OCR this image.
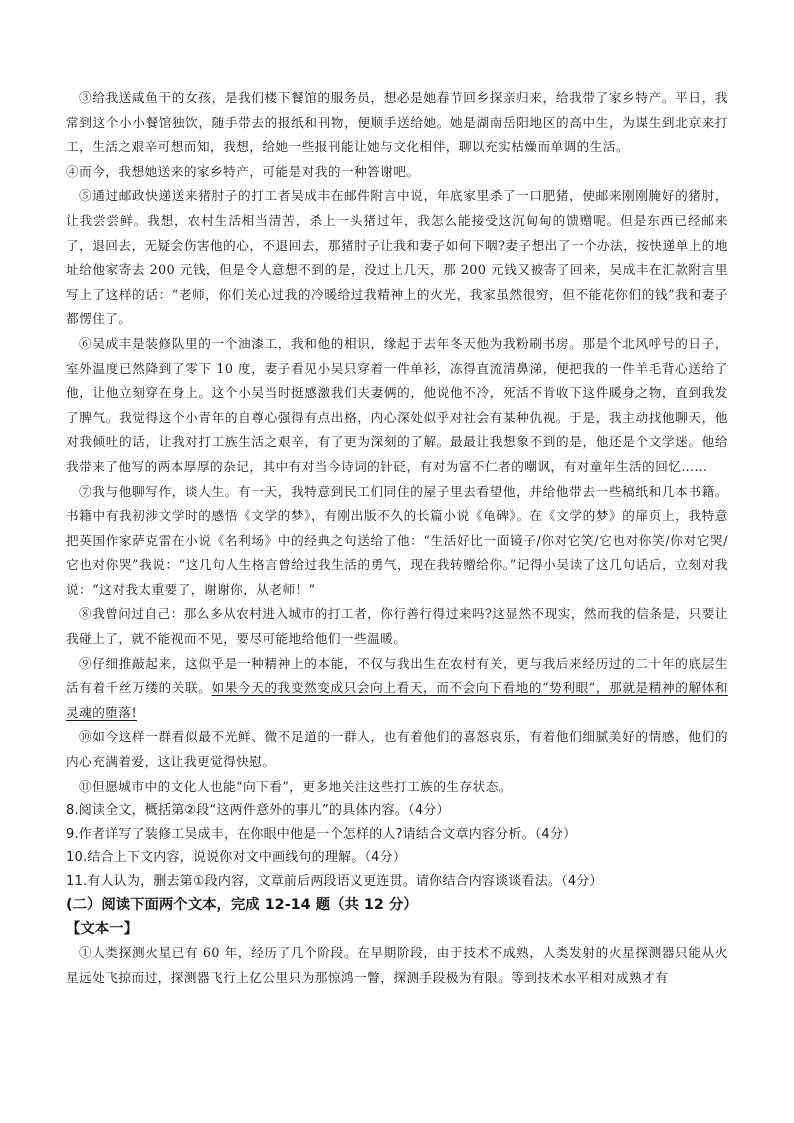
③给我送咸鱼干的女孩，是我们楼下餐馆的服务员，想必是她春节回乡探亲归来，给我带了家乡特产。平日，我常到这个小小餐馆独饮，随手带去的报纸和刊物，便顺手送给她。她是湖南岳阳地区的高中生，为谋生到北京来打工，生活之艰辛可想而知，我想，给她一些报刊能让她与文化相伴，聊以充实枯燥而单调的生活。

④而今，我想她送来的家乡特产，可能是对我的一种答谢吧。

⑤通过邮政快递送来猪肘子的打工者吴成丰在邮件附言中说，年底家里杀了一口肥猪，使邮来刚刚腌好的猪肘，让我尝尝鲜。我想，农村生活相当清苦，杀上一头猪过年，我怎么能接受这沉甸甸的馈赠呢。但是东西已经邮来了，退回去，无疑会伤害他的心，不退回去，那猪肘子让我和妻子如何下咽?妻子想出了一个办法，按快递单上的地址给他家寄去 200 元钱，但是令人意想不到的是，没过上几天，那 200 元钱又被寄了回来，吴成丰在汇款附言里写上了这样的话：“老师，你们关心过我的冷暖给过我精神上的火光，我家虽然很穷，但不能花你们的钱”我和妻子都愣住了。

⑥吴成丰是装修队里的一个油漆工，我和他的相识，缘起于去年冬天他为我粉刷书房。那是个北风呼号的日子，室外温度已然降到了零下 10 度，妻子看见小吴只穿着一件单衫，冻得直流清鼻涕，便把我的一件羊毛背心送给了他，让他立刻穿在身上。这个小吴当时挺感激我们夫妻俩的，他说他不冷，死活不肯收下这件暖身之物，直到我发了脾气。我觉得这个小青年的自尊心强得有点出格，内心深处似乎对社会有某种仇视。于是，我主动找他聊天，他对我倾吐的话，让我对打工族生活之艰辛，有了更为深刻的了解。最最让我想象不到的是，他还是个文学迷。他给我带来了他写的两本厚厚的杂记，其中有对当今诗词的针砭，有对为富不仁者的嘲讽，有对童年生活的回忆……

⑦我与他聊写作，谈人生。有一天，我特意到民工们同住的屋子里去看望他，并给他带去一些稿纸和几本书籍。书籍中有我初涉文学时的感悟《文学的梦》，有刚出版不久的长篇小说《龟碑》。在《文学的梦》的扉页上，我特意把英国作家萨克雷在小说《名利场》中的经典之句送给了他：“生活好比一面镜子/你对它笑/它也对你笑/你对它哭/它也对你哭”我说：“这几句人生格言曾给过我生活的勇气，现在我转赠给你。”记得小吴读了这几句话后，立刻对我说：“这对我太重要了，谢谢你，从老师！”

⑧我曾问过自己：那么多从农村进入城市的打工者，你行善行得过来吗?这显然不现实，然而我的信条是，只要让我碰上了，就不能视而不见，要尽可能地给他们一些温暖。

⑨仔细推敲起来，这似乎是一种精神上的本能，不仅与我出生在农村有关，更与我后来经历过的二十年的底层生活有着千丝万缕的关联。如果今天的我变然变成只会向上看天，而不会向下看地的“势利眼”，那就是精神的解体和灵魂的堕落!

⑩如今这样一群看似最不光鲜、微不足道的一群人，也有着他们的喜怒哀乐，有着他们细腻美好的情感，他们的内心充满着爱，这让我更觉得快慰。

⑪但愿城市中的文化人也能“向下看”，更多地关注这些打工族的生存状态。

8.阅读全文，概括第②段“这两件意外的事儿”的具体内容。（4分）

9.作者详写了装修工吴成丰，在你眼中他是一个怎样的人?请结合文章内容分析。（4分）

10.结合上下文内容，说说你对文中画线句的理解。（4分）

11.有人认为，删去第①段内容，文章前后两段语义更连贯。请你结合内容谈谈看法。（4分）

(二）阅读下面两个文本，完成 12-14 题（共 12 分）

【文本一】

①人类探测火星已有 60 年，经历了几个阶段。在早期阶段，由于技术不成熟，人类发射的火星探测器只能从火星远处飞掠而过，探测器飞行上亿公里只为那惊鸿一瞥，探测手段极为有限。等到技术水平相对成熟才有
